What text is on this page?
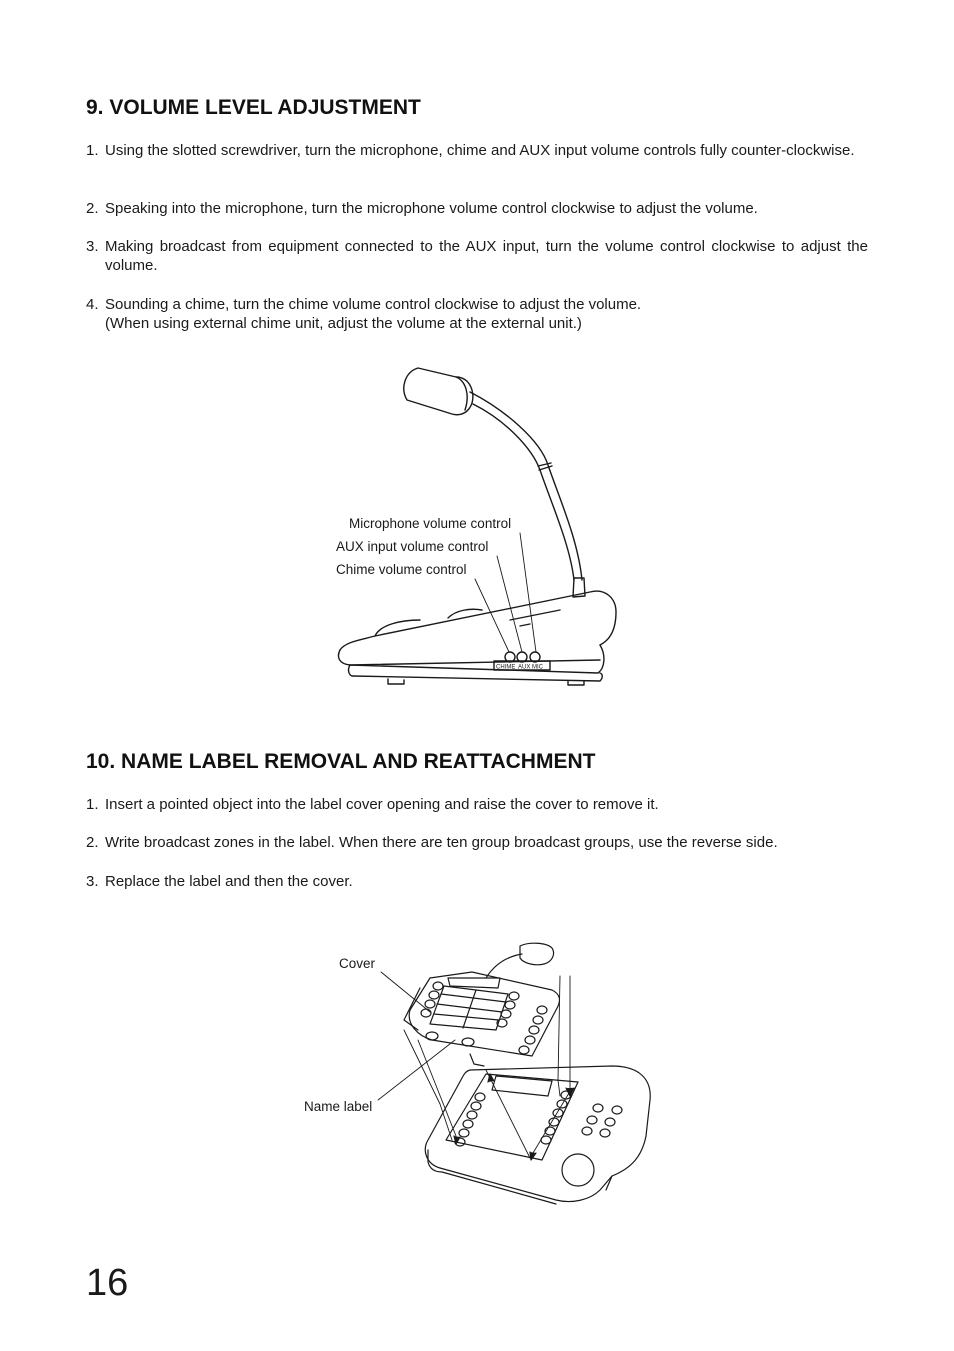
9. VOLUME LEVEL ADJUSTMENT
1. Using the slotted screwdriver, turn the microphone, chime and AUX input volume controls fully counter-clockwise.
2. Speaking into the microphone, turn the microphone volume control clockwise to adjust the volume.
3. Making broadcast from equipment connected to the AUX input, turn the volume control clockwise to adjust the volume.
4. Sounding a chime, turn the chime volume control clockwise to adjust the volume.
(When using external chime unit, adjust the volume at the external unit.)
CHIME AUX MIC
Microphone volume control
AUX input volume control
Chime volume control
10. NAME LABEL REMOVAL AND REATTACHMENT
1. Insert a pointed object into the label cover opening and raise the cover to remove it.
2. Write broadcast zones in the label. When there are ten group broadcast groups, use the reverse side.
3. Replace the label and then the cover.
Cover
Name label
16
